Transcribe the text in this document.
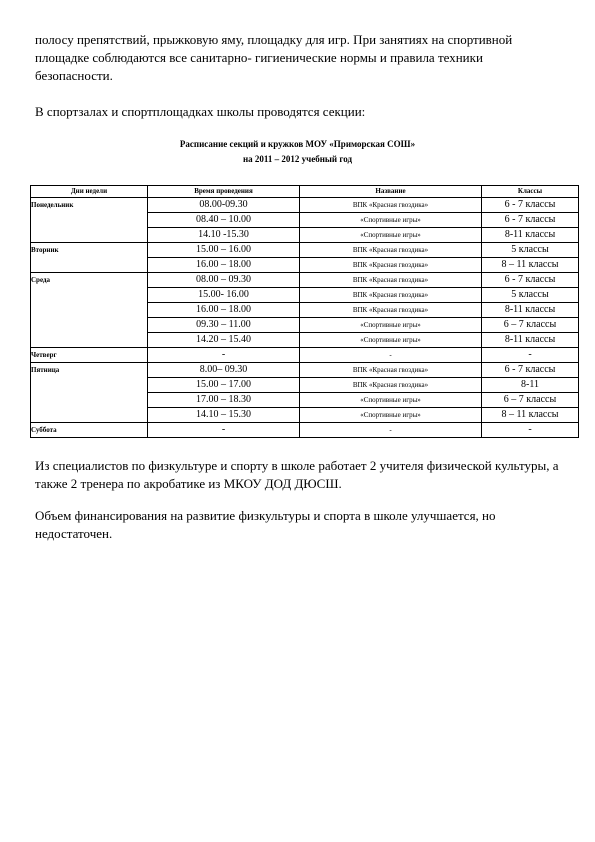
полосу препятствий, прыжковую яму, площадку для игр. При занятиях на спортивной площадке соблюдаются все санитарно- гигиенические нормы и правила техники безопасности.

В спортзалах и спортплощадках школы проводятся секции:

Расписание секций и кружков МОУ «Приморская СОШ»
на 2011 – 2012 учебный год
Дни недели	Время проведения	Название	Классы
Понедельник	08.00-09.30	ВПК «Красная гвоздика»	6 - 7 классы
	08.40 – 10.00	«Спортивные игры»	6 - 7 классы
	14.10 -15.30	«Спортивные игры»	8-11 классы
Вторник	15.00 – 16.00	ВПК «Красная гвоздика»	5 классы
	16.00 – 18.00	ВПК «Красная гвоздика»	8 – 11 классы
Среда	08.00 – 09.30	ВПК «Красная гвоздика»	6 - 7 классы
	15.00- 16.00	ВПК «Красная гвоздика»	5 классы
	16.00 – 18.00	ВПК «Красная гвоздика»	8-11 классы
	09.30 – 11.00	«Спортивные игры»	6 – 7 классы
	14.20 – 15.40	«Спортивные игры»	8-11 классы
Четверг	-	-	-
Пятница	8.00– 09.30	ВПК «Красная гвоздика»	6 - 7 классы
	15.00 – 17.00	ВПК «Красная гвоздика»	8-11
	17.00 – 18.30	«Спортивные игры»	6 – 7 классы
	14.10 – 15.30	«Спортивные игры»	8 – 11 классы
Суббота	-	-	-

Из специалистов по физкультуре и спорту в школе работает 2 учителя физической культуры, а также 2 тренера по акробатике из МКОУ ДОД ДЮСШ.

Объем финансирования на развитие физкультуры и спорта в школе улучшается, но недостаточен.
